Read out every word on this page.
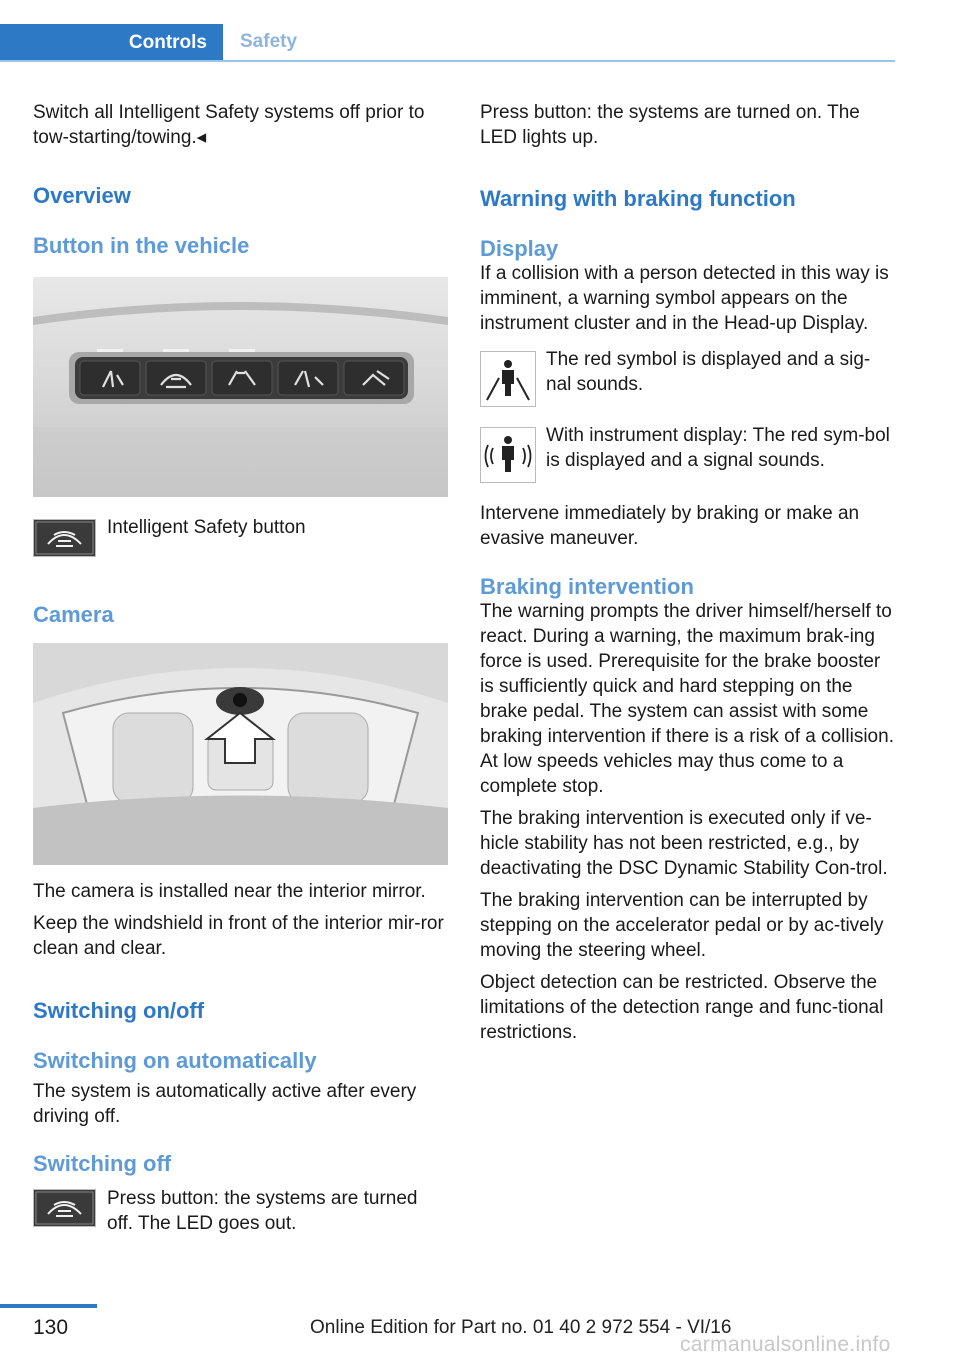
Controls	Safety

Switch all Intelligent Safety systems off prior to tow-starting/towing.◂

Overview
Button in the vehicle

Intelligent Safety button

Camera

The camera is installed near the interior mirror.

Keep the windshield in front of the interior mir‐ror clean and clear.

Switching on/off
Switching on automatically

The system is automatically active after every driving off.

Switching off

Press button: the systems are turned off. The LED goes out.

Press button: the systems are turned on. The LED lights up.

Warning with braking function
Display

If a collision with a person detected in this way is imminent, a warning symbol appears on the instrument cluster and in the Head-up Display.

The red symbol is displayed and a sig‐nal sounds.

With instrument display: The red sym‐bol is displayed and a signal sounds.

Intervene immediately by braking or make an evasive maneuver.

Braking intervention

The warning prompts the driver himself/herself to react. During a warning, the maximum brak‐ing force is used. Prerequisite for the brake booster is sufficiently quick and hard stepping on the brake pedal. The system can assist with some braking intervention if there is a risk of a collision. At low speeds vehicles may thus come to a complete stop.

The braking intervention is executed only if ve‐hicle stability has not been restricted, e.g., by deactivating the DSC Dynamic Stability Con‐trol.

The braking intervention can be interrupted by stepping on the accelerator pedal or by ac‐tively moving the steering wheel.

Object detection can be restricted. Observe the limitations of the detection range and func‐tional restrictions.

130	Online Edition for Part no. 01 40 2 972 554 - VI/16
carmanualsonline.info
